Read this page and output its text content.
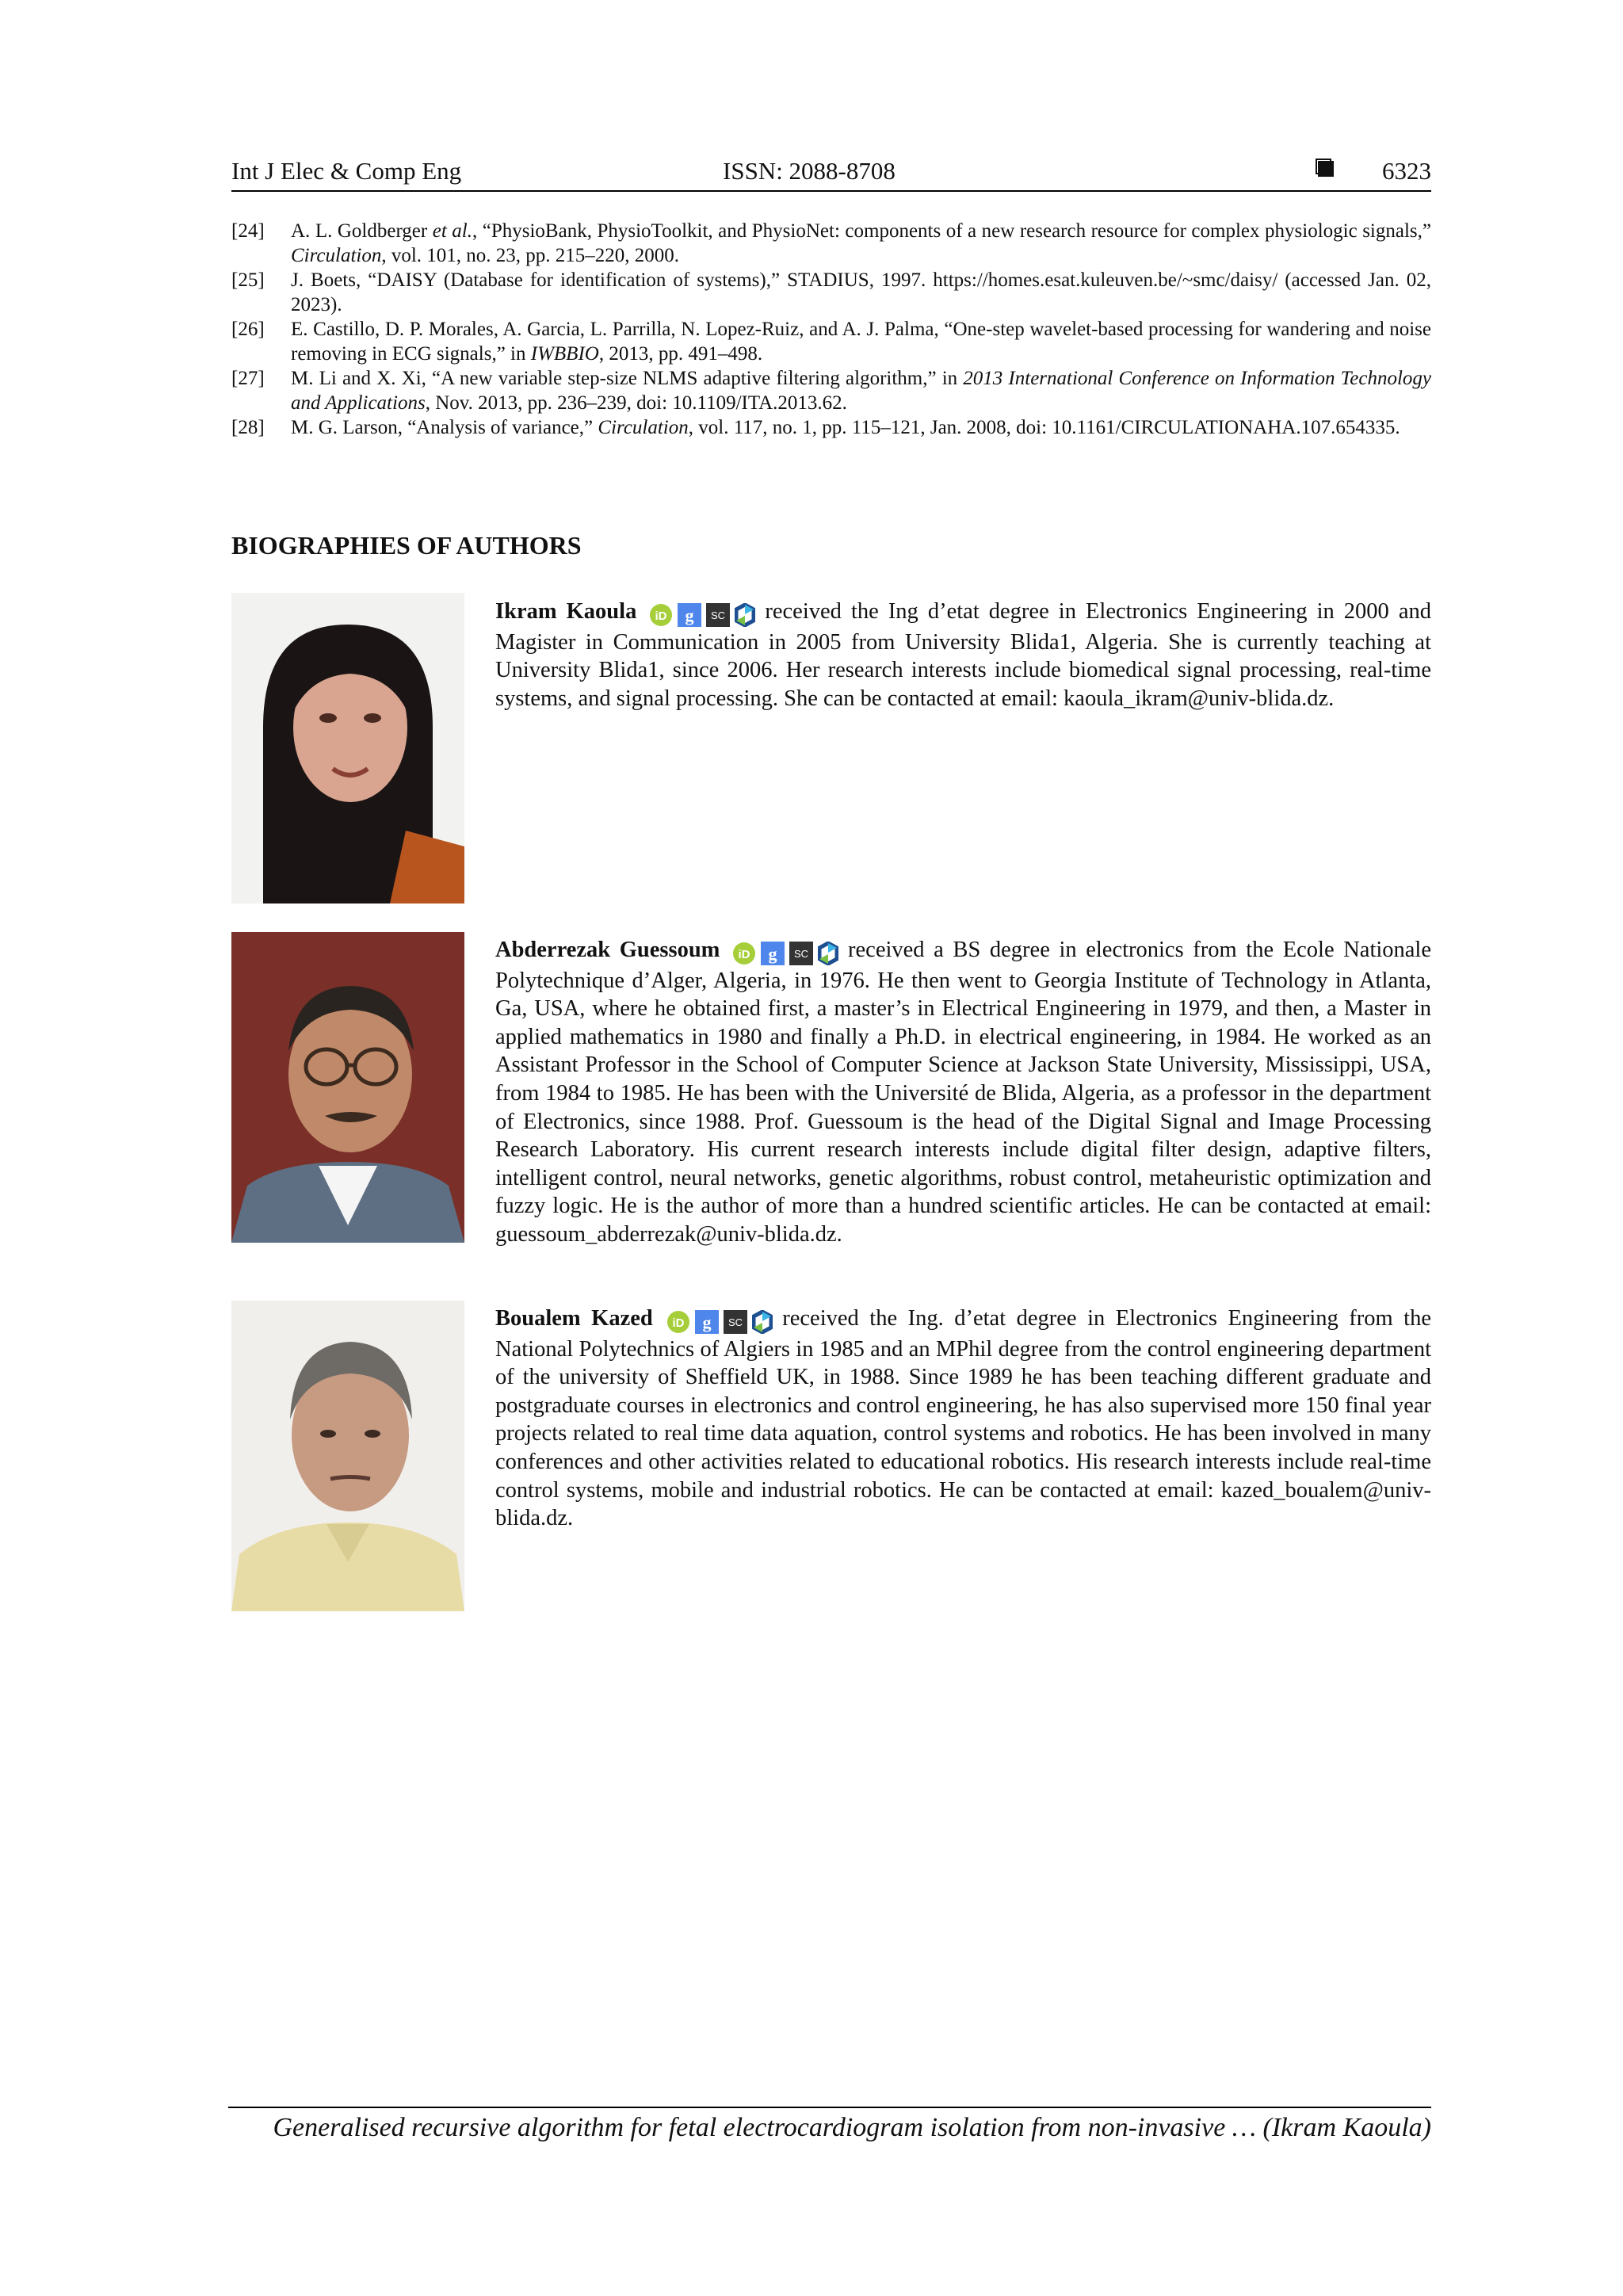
Int J Elec & Comp Eng	ISSN: 2088-8708	6323

[24]	A. L. Goldberger et al., “PhysioBank, PhysioToolkit, and PhysioNet: components of a new research resource for complex physiologic signals,” Circulation, vol. 101, no. 23, pp. 215–220, 2000.

[25]	J. Boets, “DAISY (Database for identification of systems),” STADIUS, 1997. https://homes.esat.kuleuven.be/~smc/daisy/ (accessed Jan. 02, 2023).

[26]	E. Castillo, D. P. Morales, A. Garcia, L. Parrilla, N. Lopez-Ruiz, and A. J. Palma, “One-step wavelet-based processing for wandering and noise removing in ECG signals,” in IWBBIO, 2013, pp. 491–498.

[27]	M. Li and X. Xi, “A new variable step-size NLMS adaptive filtering algorithm,” in 2013 International Conference on Information Technology and Applications, Nov. 2013, pp. 236–239, doi: 10.1109/ITA.2013.62.

[28]	M. G. Larson, “Analysis of variance,” Circulation, vol. 117, no. 1, pp. 115–121, Jan. 2008, doi: 10.1161/CIRCULATIONAHA.107.654335.

BIOGRAPHIES OF AUTHORS
Ikram Kaoula iD g SC received the Ing d’etat degree in Electronics Engineering in 2000 and Magister in Communication in 2005 from University Blida1, Algeria. She is currently teaching at University Blida1, since 2006. Her research interests include biomedical signal processing, real-time systems, and signal processing. She can be contacted at email: kaoula_ikram@univ-blida.dz.
Abderrezak Guessoum iD g SC received a BS degree in electronics from the Ecole Nationale Polytechnique d’Alger, Algeria, in 1976. He then went to Georgia Institute of Technology in Atlanta, Ga, USA, where he obtained first, a master’s in Electrical Engineering in 1979, and then, a Master in applied mathematics in 1980 and finally a Ph.D. in electrical engineering, in 1984. He worked as an Assistant Professor in the School of Computer Science at Jackson State University, Mississippi, USA, from 1984 to 1985. He has been with the Université de Blida, Algeria, as a professor in the department of Electronics, since 1988. Prof. Guessoum is the head of the Digital Signal and Image Processing Research Laboratory. His current research interests include digital filter design, adaptive filters, intelligent control, neural networks, genetic algorithms, robust control, metaheuristic optimization and fuzzy logic. He is the author of more than a hundred scientific articles. He can be contacted at email: guessoum_abderrezak@univ-blida.dz.
Boualem Kazed iD g SC received the Ing. d’etat degree in Electronics Engineering from the National Polytechnics of Algiers in 1985 and an MPhil degree from the control engineering department of the university of Sheffield UK, in 1988. Since 1989 he has been teaching different graduate and postgraduate courses in electronics and control engineering, he has also supervised more 150 final year projects related to real time data aquation, control systems and robotics. He has been involved in many conferences and other activities related to educational robotics. His research interests include real-time control systems, mobile and industrial robotics. He can be contacted at email: kazed_boualem@univ-blida.dz.
Generalised recursive algorithm for fetal electrocardiogram isolation from non-invasive … (Ikram Kaoula)
